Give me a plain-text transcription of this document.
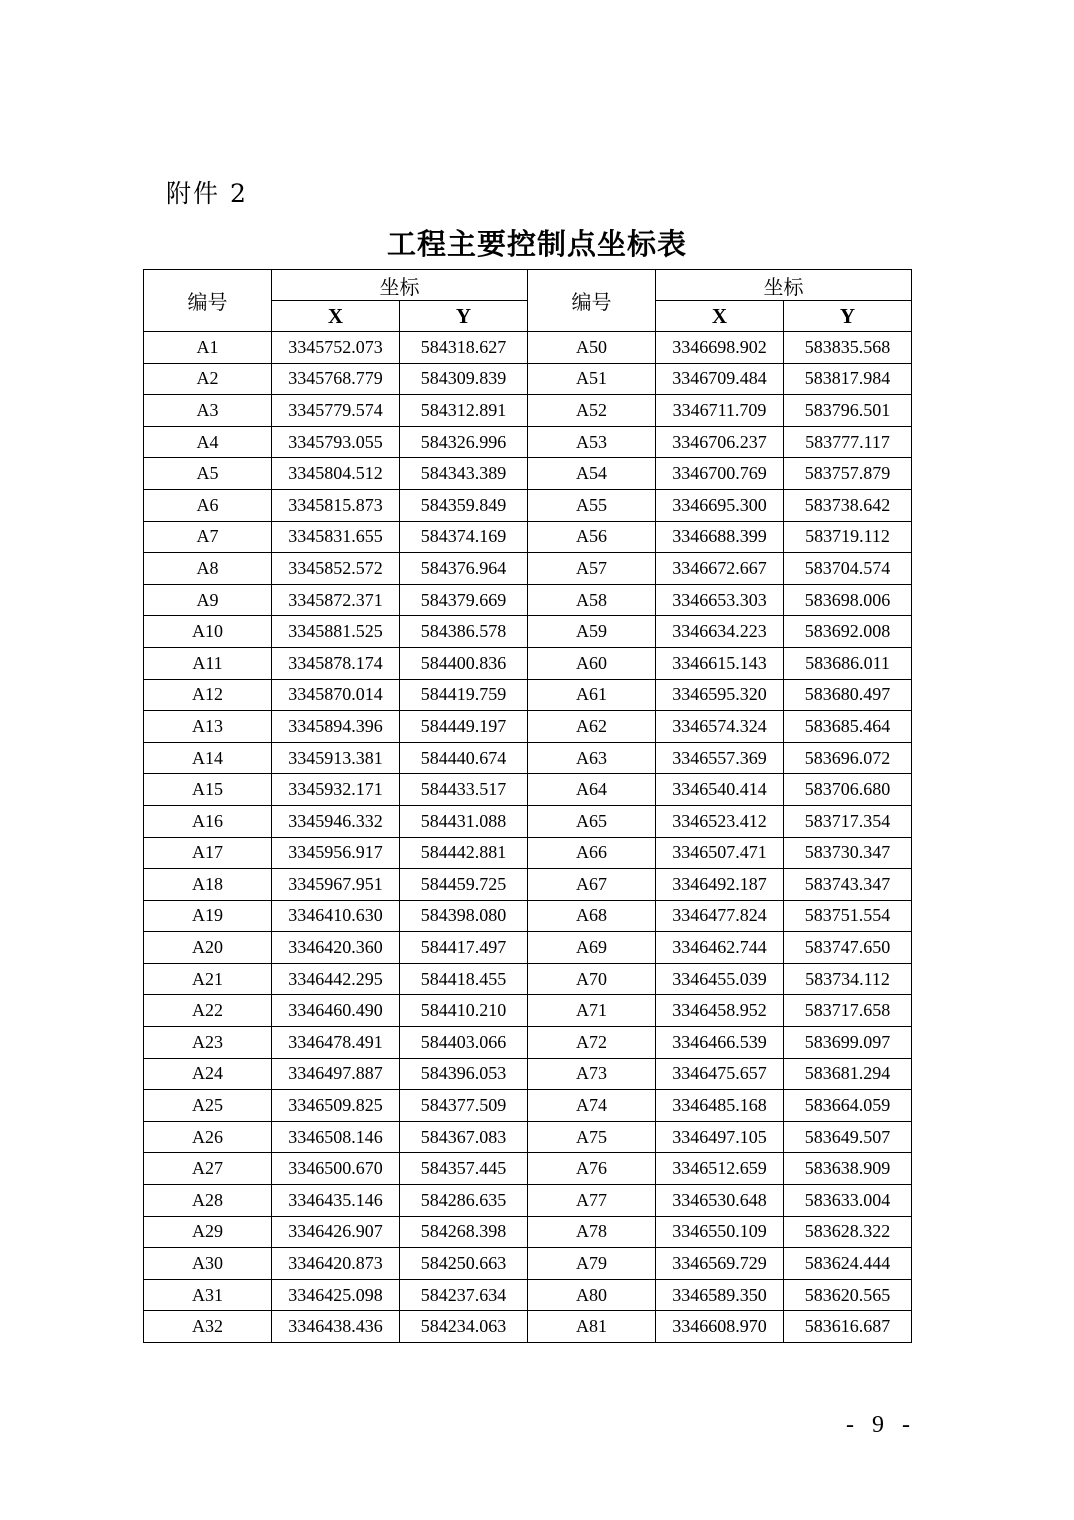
附件 2
工程主要控制点坐标表
编号	坐标		编号	坐标	
	X	Y		X	Y
A1	3345752.073	584318.627	A50	3346698.902	583835.568
A2	3345768.779	584309.839	A51	3346709.484	583817.984
A3	3345779.574	584312.891	A52	3346711.709	583796.501
A4	3345793.055	584326.996	A53	3346706.237	583777.117
A5	3345804.512	584343.389	A54	3346700.769	583757.879
A6	3345815.873	584359.849	A55	3346695.300	583738.642
A7	3345831.655	584374.169	A56	3346688.399	583719.112
A8	3345852.572	584376.964	A57	3346672.667	583704.574
A9	3345872.371	584379.669	A58	3346653.303	583698.006
A10	3345881.525	584386.578	A59	3346634.223	583692.008
A11	3345878.174	584400.836	A60	3346615.143	583686.011
A12	3345870.014	584419.759	A61	3346595.320	583680.497
A13	3345894.396	584449.197	A62	3346574.324	583685.464
A14	3345913.381	584440.674	A63	3346557.369	583696.072
A15	3345932.171	584433.517	A64	3346540.414	583706.680
A16	3345946.332	584431.088	A65	3346523.412	583717.354
A17	3345956.917	584442.881	A66	3346507.471	583730.347
A18	3345967.951	584459.725	A67	3346492.187	583743.347
A19	3346410.630	584398.080	A68	3346477.824	583751.554
A20	3346420.360	584417.497	A69	3346462.744	583747.650
A21	3346442.295	584418.455	A70	3346455.039	583734.112
A22	3346460.490	584410.210	A71	3346458.952	583717.658
A23	3346478.491	584403.066	A72	3346466.539	583699.097
A24	3346497.887	584396.053	A73	3346475.657	583681.294
A25	3346509.825	584377.509	A74	3346485.168	583664.059
A26	3346508.146	584367.083	A75	3346497.105	583649.507
A27	3346500.670	584357.445	A76	3346512.659	583638.909
A28	3346435.146	584286.635	A77	3346530.648	583633.004
A29	3346426.907	584268.398	A78	3346550.109	583628.322
A30	3346420.873	584250.663	A79	3346569.729	583624.444
A31	3346425.098	584237.634	A80	3346589.350	583620.565
A32	3346438.436	584234.063	A81	3346608.970	583616.687
- 9 -
